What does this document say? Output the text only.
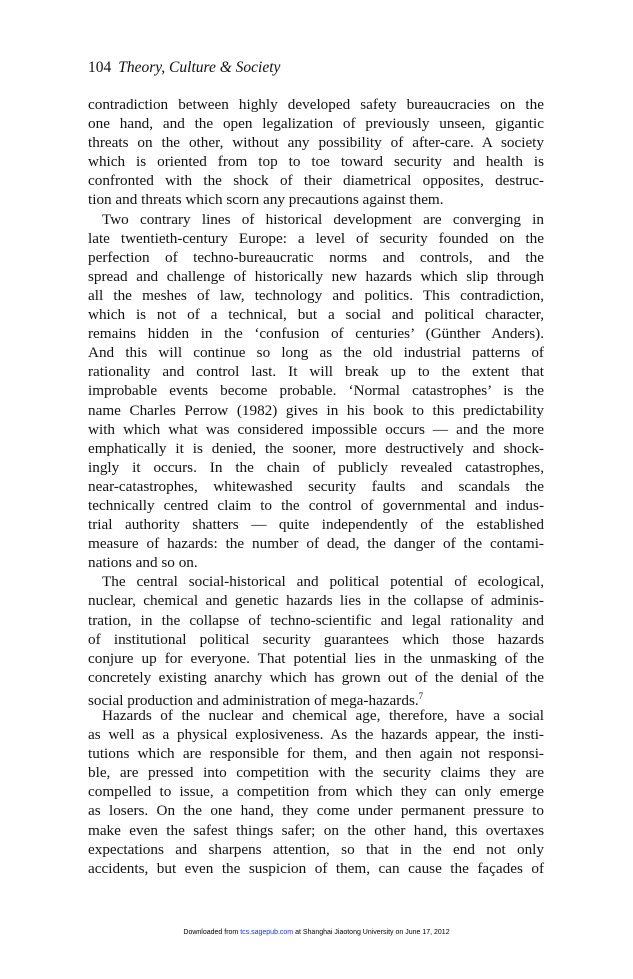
104 Theory, Culture & Society
contradiction between highly developed safety bureaucracies on the
one hand, and the open legalization of previously unseen, gigantic
threats on the other, without any possibility of after-care. A society
which is oriented from top to toe toward security and health is
confronted with the shock of their diametrical opposites, destruc-
tion and threats which scorn any precautions against them.
Two contrary lines of historical development are converging in
late twentieth-century Europe: a level of security founded on the
perfection of techno-bureaucratic norms and controls, and the
spread and challenge of historically new hazards which slip through
all the meshes of law, technology and politics. This contradiction,
which is not of a technical, but a social and political character,
remains hidden in the ‘confusion of centuries’ (Günther Anders).
And this will continue so long as the old industrial patterns of
rationality and control last. It will break up to the extent that
improbable events become probable. ‘Normal catastrophes’ is the
name Charles Perrow (1982) gives in his book to this predictability
with which what was considered impossible occurs — and the more
emphatically it is denied, the sooner, more destructively and shock-
ingly it occurs. In the chain of publicly revealed catastrophes,
near-catastrophes, whitewashed security faults and scandals the
technically centred claim to the control of governmental and indus-
trial authority shatters — quite independently of the established
measure of hazards: the number of dead, the danger of the contami-
nations and so on.
The central social-historical and political potential of ecological,
nuclear, chemical and genetic hazards lies in the collapse of adminis-
tration, in the collapse of techno-scientific and legal rationality and
of institutional political security guarantees which those hazards
conjure up for everyone. That potential lies in the unmasking of the
concretely existing anarchy which has grown out of the denial of the
social production and administration of mega-hazards.$^7$
Hazards of the nuclear and chemical age, therefore, have a social
as well as a physical explosiveness. As the hazards appear, the insti-
tutions which are responsible for them, and then again not responsi-
ble, are pressed into competition with the security claims they are
compelled to issue, a competition from which they can only emerge
as losers. On the one hand, they come under permanent pressure to
make even the safest things safer; on the other hand, this overtaxes
expectations and sharpens attention, so that in the end not only
accidents, but even the suspicion of them, can cause the façades of
Downloaded from tcs.sagepub.com at Shanghai Jiaotong University on June 17, 2012
